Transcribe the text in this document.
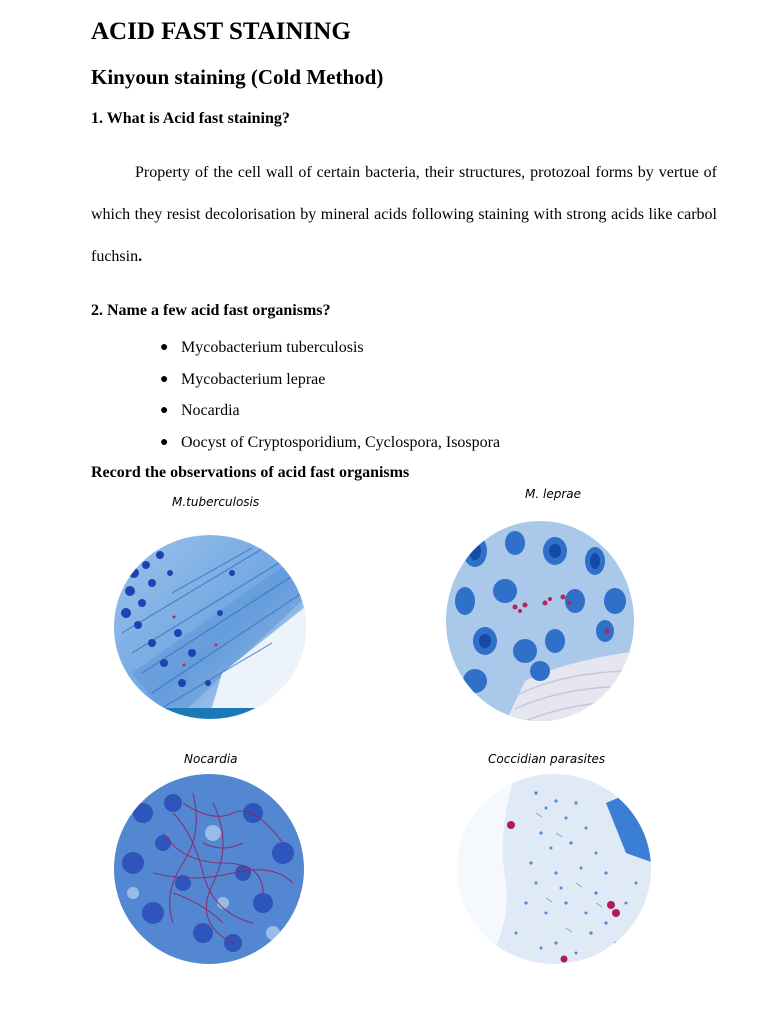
ACID FAST STAINING
Kinyoun staining (Cold Method)

1. What is Acid fast staining?

Property of the cell wall of certain bacteria, their structures, protozoal forms by vertue of which they resist decolorisation by mineral acids following staining with strong acids like carbol fuchsin.

2. Name a few acid fast organisms?

● Mycobacterium tuberculosis
● Mycobacterium leprae
● Nocardia
● Oocyst of Cryptosporidium, Cyclospora, Isospora

Record the observations of acid fast organisms

M.tuberculosis
M. leprae
Nocardia	Coccidian parasites
